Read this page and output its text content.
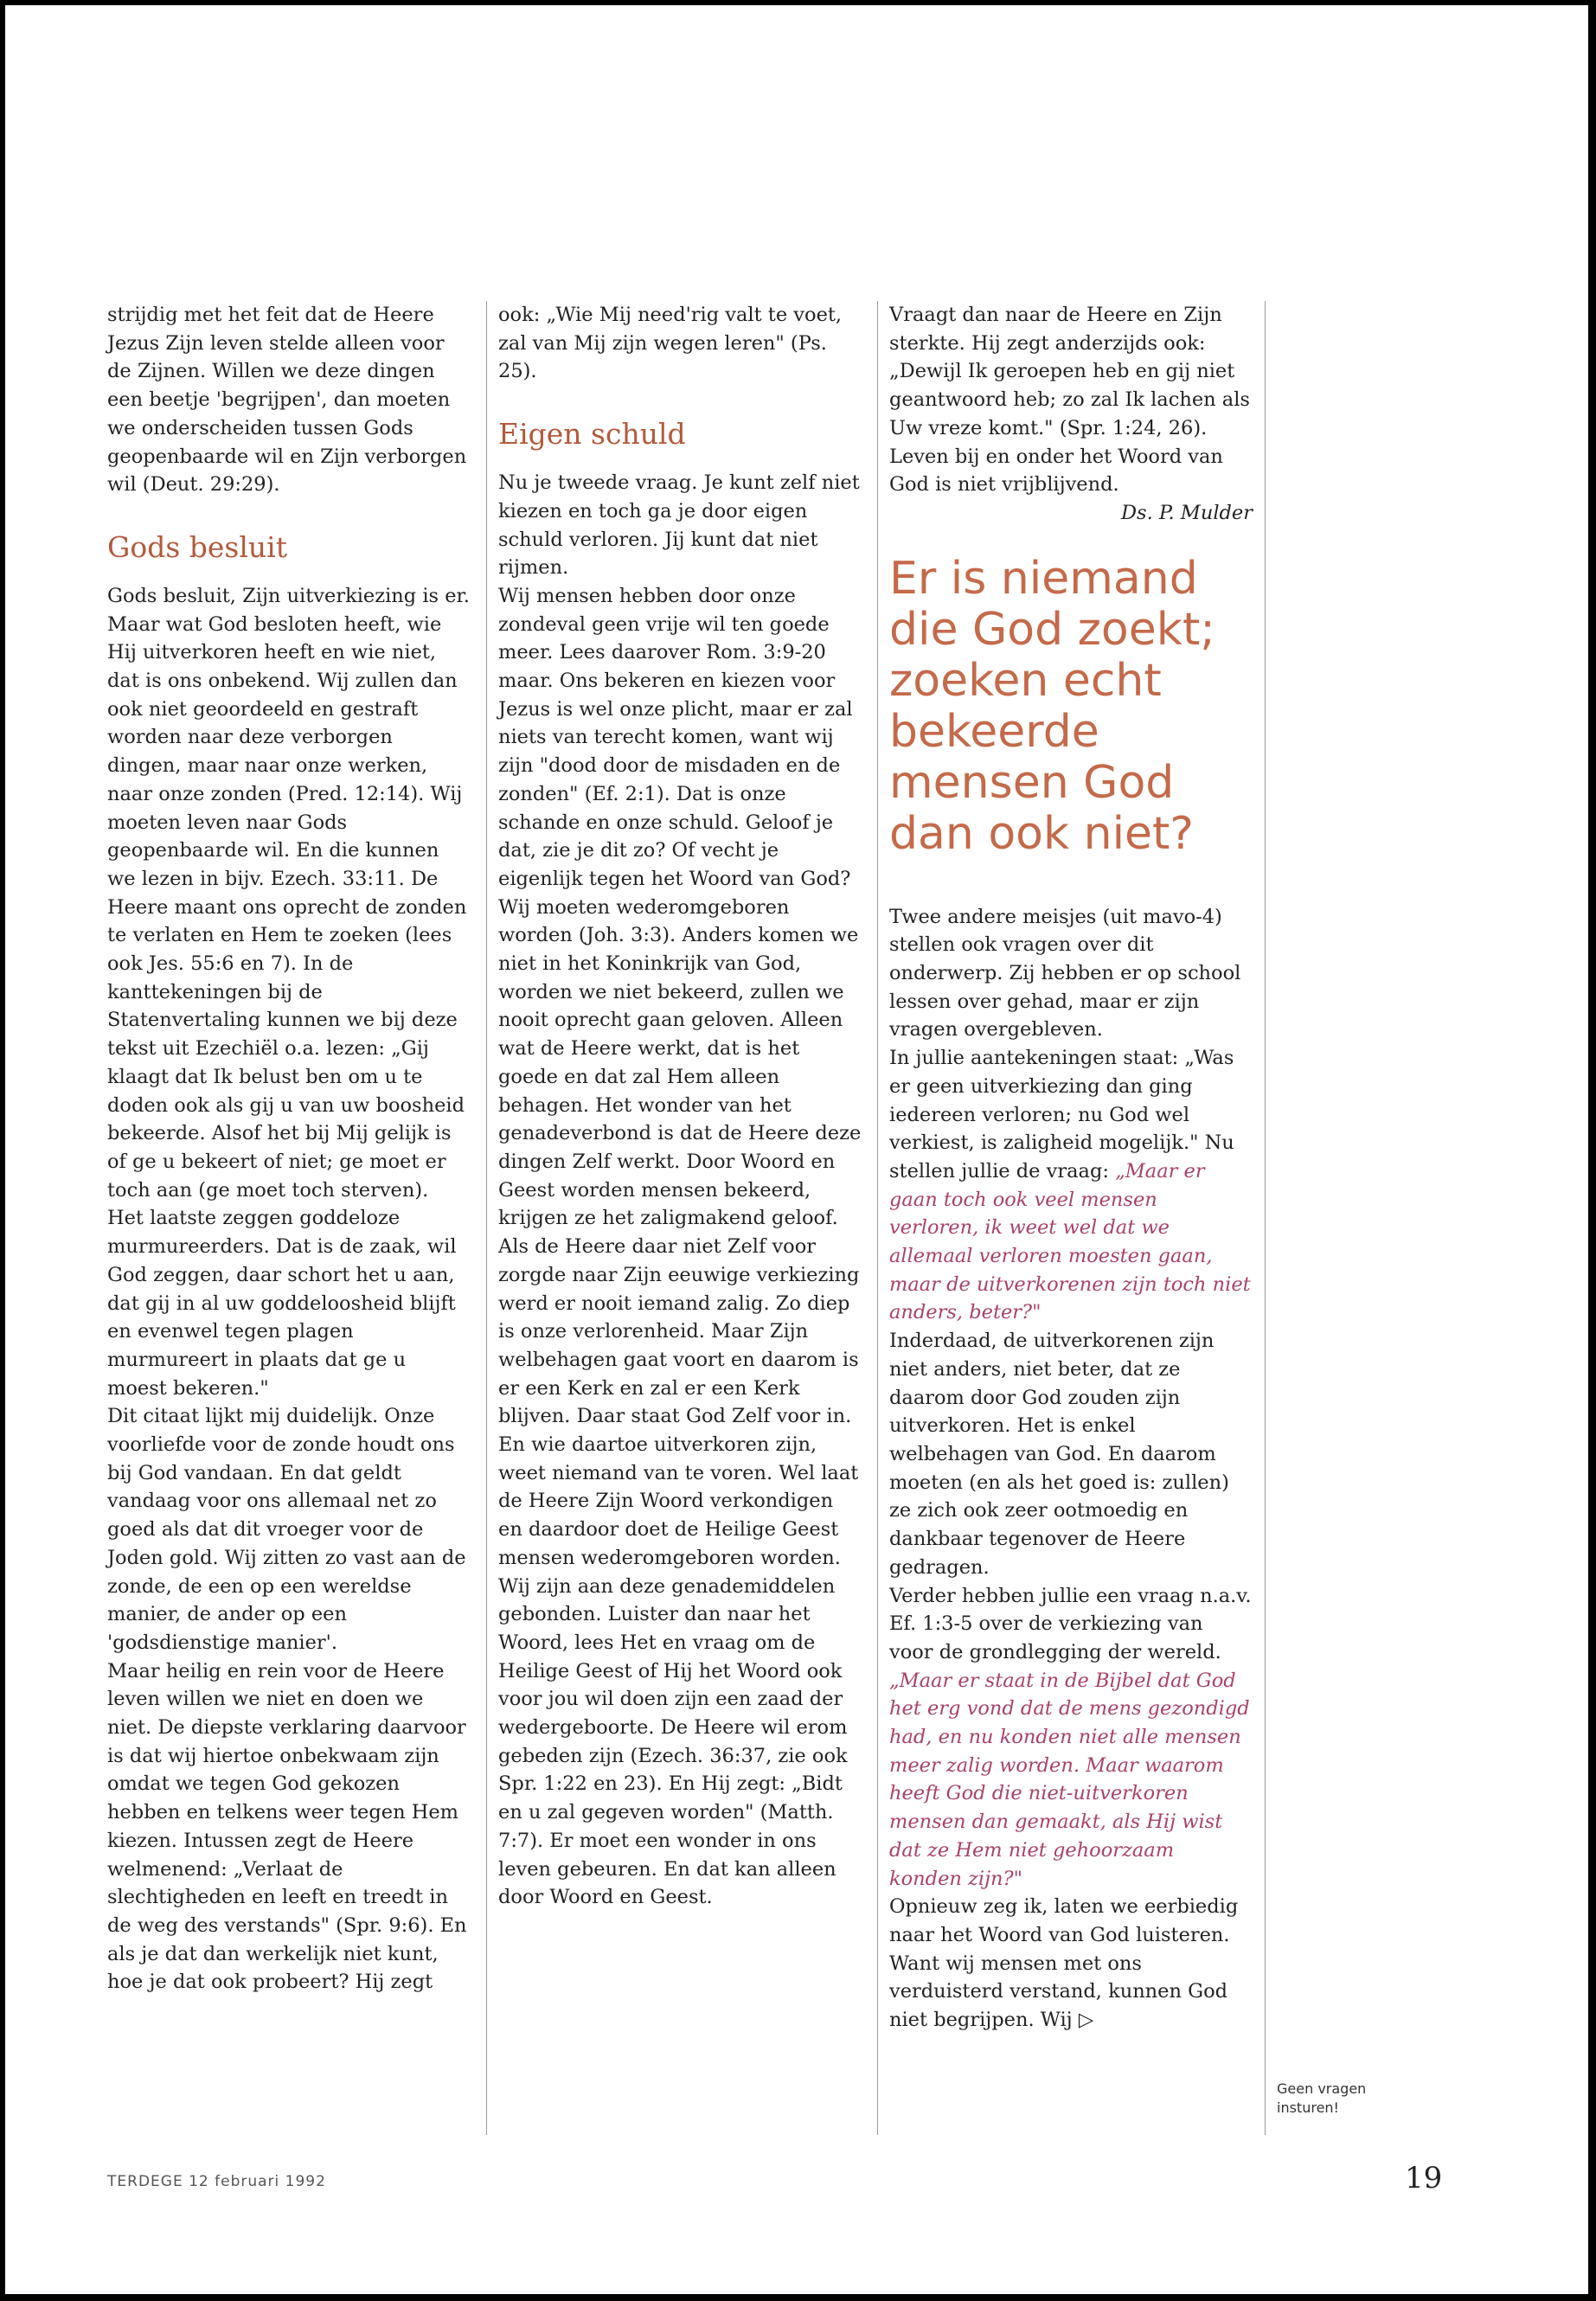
strijdig met het feit dat de Heere Jezus Zijn leven stelde alleen voor de Zijnen. Willen we deze dingen een beetje 'begrijpen', dan moeten we onderscheiden tussen Gods geopenbaarde wil en Zijn verborgen wil (Deut. 29:29).

Gods besluit

Gods besluit, Zijn uitverkiezing is er. Maar wat God besloten heeft, wie Hij uitverkoren heeft en wie niet, dat is ons onbekend. Wij zullen dan ook niet geoordeeld en gestraft worden naar deze verborgen dingen, maar naar onze werken, naar onze zonden (Pred. 12:14). Wij moeten leven naar Gods geopenbaarde wil. En die kunnen we lezen in bijv. Ezech. 33:11. De Heere maant ons oprecht de zonden te verlaten en Hem te zoeken (lees ook Jes. 55:6 en 7). In de kanttekeningen bij de Statenvertaling kunnen we bij deze tekst uit Ezechiël o.a. lezen: „Gij klaagt dat Ik belust ben om u te doden ook als gij u van uw boosheid bekeerde. Alsof het bij Mij gelijk is of ge u bekeert of niet; ge moet er toch aan (ge moet toch sterven). Het laatste zeggen goddeloze murmureerders. Dat is de zaak, wil God zeggen, daar schort het u aan, dat gij in al uw goddeloosheid blijft en evenwel tegen plagen murmureert in plaats dat ge u moest bekeren."

Dit citaat lijkt mij duidelijk. Onze voorliefde voor de zonde houdt ons bij God vandaan. En dat geldt vandaag voor ons allemaal net zo goed als dat dit vroeger voor de Joden gold. Wij zitten zo vast aan de zonde, de een op een wereldse manier, de ander op een 'godsdienstige manier'.

Maar heilig en rein voor de Heere leven willen we niet en doen we niet. De diepste verklaring daarvoor is dat wij hiertoe onbekwaam zijn omdat we tegen God gekozen hebben en telkens weer tegen Hem kiezen. Intussen zegt de Heere welmenend: „Verlaat de slechtigheden en leeft en treedt in de weg des verstands" (Spr. 9:6). En als je dat dan werkelijk niet kunt, hoe je dat ook probeert? Hij zegt

ook: „Wie Mij need'rig valt te voet, zal van Mij zijn wegen leren" (Ps. 25).

Eigen schuld

Nu je tweede vraag. Je kunt zelf niet kiezen en toch ga je door eigen schuld verloren. Jij kunt dat niet rijmen.

Wij mensen hebben door onze zondeval geen vrije wil ten goede meer. Lees daarover Rom. 3:9-20 maar. Ons bekeren en kiezen voor Jezus is wel onze plicht, maar er zal niets van terecht komen, want wij zijn "dood door de misdaden en de zonden" (Ef. 2:1). Dat is onze schande en onze schuld. Geloof je dat, zie je dit zo? Of vecht je eigenlijk tegen het Woord van God?

Wij moeten wederomgeboren worden (Joh. 3:3). Anders komen we niet in het Koninkrijk van God, worden we niet bekeerd, zullen we nooit oprecht gaan geloven. Alleen wat de Heere werkt, dat is het goede en dat zal Hem alleen behagen. Het wonder van het genadeverbond is dat de Heere deze dingen Zelf werkt. Door Woord en Geest worden mensen bekeerd, krijgen ze het zaligmakend geloof. Als de Heere daar niet Zelf voor zorgde naar Zijn eeuwige verkiezing werd er nooit iemand zalig. Zo diep is onze verlorenheid. Maar Zijn welbehagen gaat voort en daarom is er een Kerk en zal er een Kerk blijven. Daar staat God Zelf voor in.

En wie daartoe uitverkoren zijn, weet niemand van te voren. Wel laat de Heere Zijn Woord verkondigen en daardoor doet de Heilige Geest mensen wederomgeboren worden. Wij zijn aan deze genademiddelen gebonden. Luister dan naar het Woord, lees Het en vraag om de Heilige Geest of Hij het Woord ook voor jou wil doen zijn een zaad der wedergeboorte. De Heere wil erom gebeden zijn (Ezech. 36:37, zie ook Spr. 1:22 en 23). En Hij zegt: „Bidt en u zal gegeven worden" (Matth. 7:7). Er moet een wonder in ons leven gebeuren. En dat kan alleen door Woord en Geest.

Vraagt dan naar de Heere en Zijn sterkte. Hij zegt anderzijds ook: „Dewijl Ik geroepen heb en gij niet geantwoord heb; zo zal Ik lachen als Uw vreze komt." (Spr. 1:24, 26). Leven bij en onder het Woord van God is niet vrijblijvend.

Ds. P. Mulder

Er is niemand die God zoekt; zoeken echt bekeerde mensen God dan ook niet?

Twee andere meisjes (uit mavo-4) stellen ook vragen over dit onderwerp. Zij hebben er op school lessen over gehad, maar er zijn vragen overgebleven.

In jullie aantekeningen staat: „Was er geen uitverkiezing dan ging iedereen verloren; nu God wel verkiest, is zaligheid mogelijk." Nu stellen jullie de vraag: „Maar er gaan toch ook veel mensen verloren, ik weet wel dat we allemaal verloren moesten gaan, maar de uitverkorenen zijn toch niet anders, beter?"

Inderdaad, de uitverkorenen zijn niet anders, niet beter, dat ze daarom door God zouden zijn uitverkoren. Het is enkel welbehagen van God. En daarom moeten (en als het goed is: zullen) ze zich ook zeer ootmoedig en dankbaar tegenover de Heere gedragen.

Verder hebben jullie een vraag n.a.v. Ef. 1:3-5 over de verkiezing van voor de grondlegging der wereld. „Maar er staat in de Bijbel dat God het erg vond dat de mens gezondigd had, en nu konden niet alle mensen meer zalig worden. Maar waarom heeft God die niet-uitverkoren mensen dan gemaakt, als Hij wist dat ze Hem niet gehoorzaam konden zijn?"

Opnieuw zeg ik, laten we eerbiedig naar het Woord van God luisteren. Want wij mensen met ons verduisterd verstand, kunnen God niet begrijpen. Wij ▷

Geen vragen insturen!
TERDEGE 12 februari 1992	19
